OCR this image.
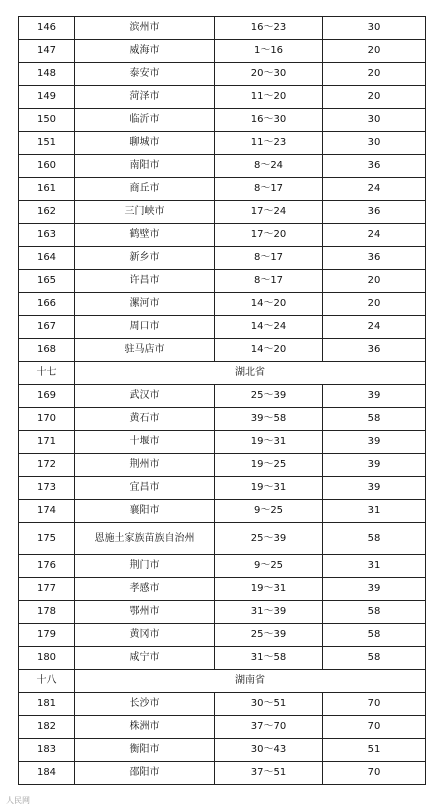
146	滨州市	16～23	30
147	威海市	1～16	20
148	泰安市	20～30	20
149	菏泽市	11～20	20
150	临沂市	16～30	30
151	聊城市	11～23	30
160	南阳市	8～24	36
161	商丘市	8～17	24
162	三门峡市	17～24	36
163	鹤壁市	17～20	24
164	新乡市	8～17	36
165	许昌市	8～17	20
166	漯河市	14～20	20
167	周口市	14～24	24
168	驻马店市	14～20	36
十七	湖北省		
169	武汉市	25～39	39
170	黄石市	39～58	58
171	十堰市	19～31	39
172	荆州市	19～25	39
173	宜昌市	19～31	39
174	襄阳市	9～25	31
175	恩施土家族苗族自治州	25～39	58
176	荆门市	9～25	31
177	孝感市	19～31	39
178	鄂州市	31～39	58
179	黄冈市	25～39	58
180	咸宁市	31～58	58
十八	湖南省		
181	长沙市	30～51	70
182	株洲市	37～70	70
183	衡阳市	30～43	51
184	邵阳市	37～51	70
人民网
